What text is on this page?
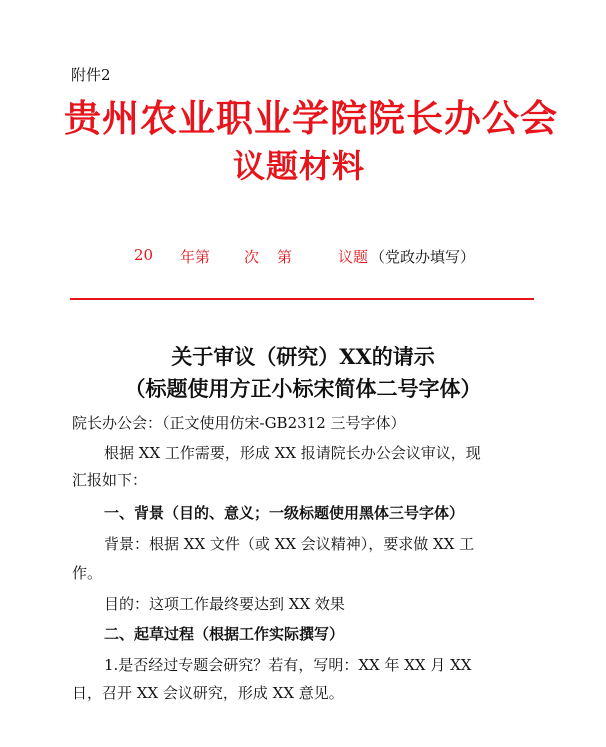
附件2
贵州农业职业学院院长办公会
议题材料
20 年第 次 第	议题 （党政办填写）
关于审议（研究）XX的请示
（标题使用方正小标宋简体二号字体）
院长办公会：（正文使用仿宋-GB2312 三号字体）
根据 XX 工作需要，形成 XX 报请院长办公会议审议，现
汇报如下：
一、背景（目的、意义；一级标题使用黑体三号字体）
背景：根据 XX 文件（或 XX 会议精神），要求做 XX 工
作。
目的：这项工作最终要达到 XX 效果
二、起草过程（根据工作实际撰写）
1.是否经过专题会研究？若有，写明：XX 年 XX 月 XX
日，召开 XX 会议研究，形成 XX 意见。
